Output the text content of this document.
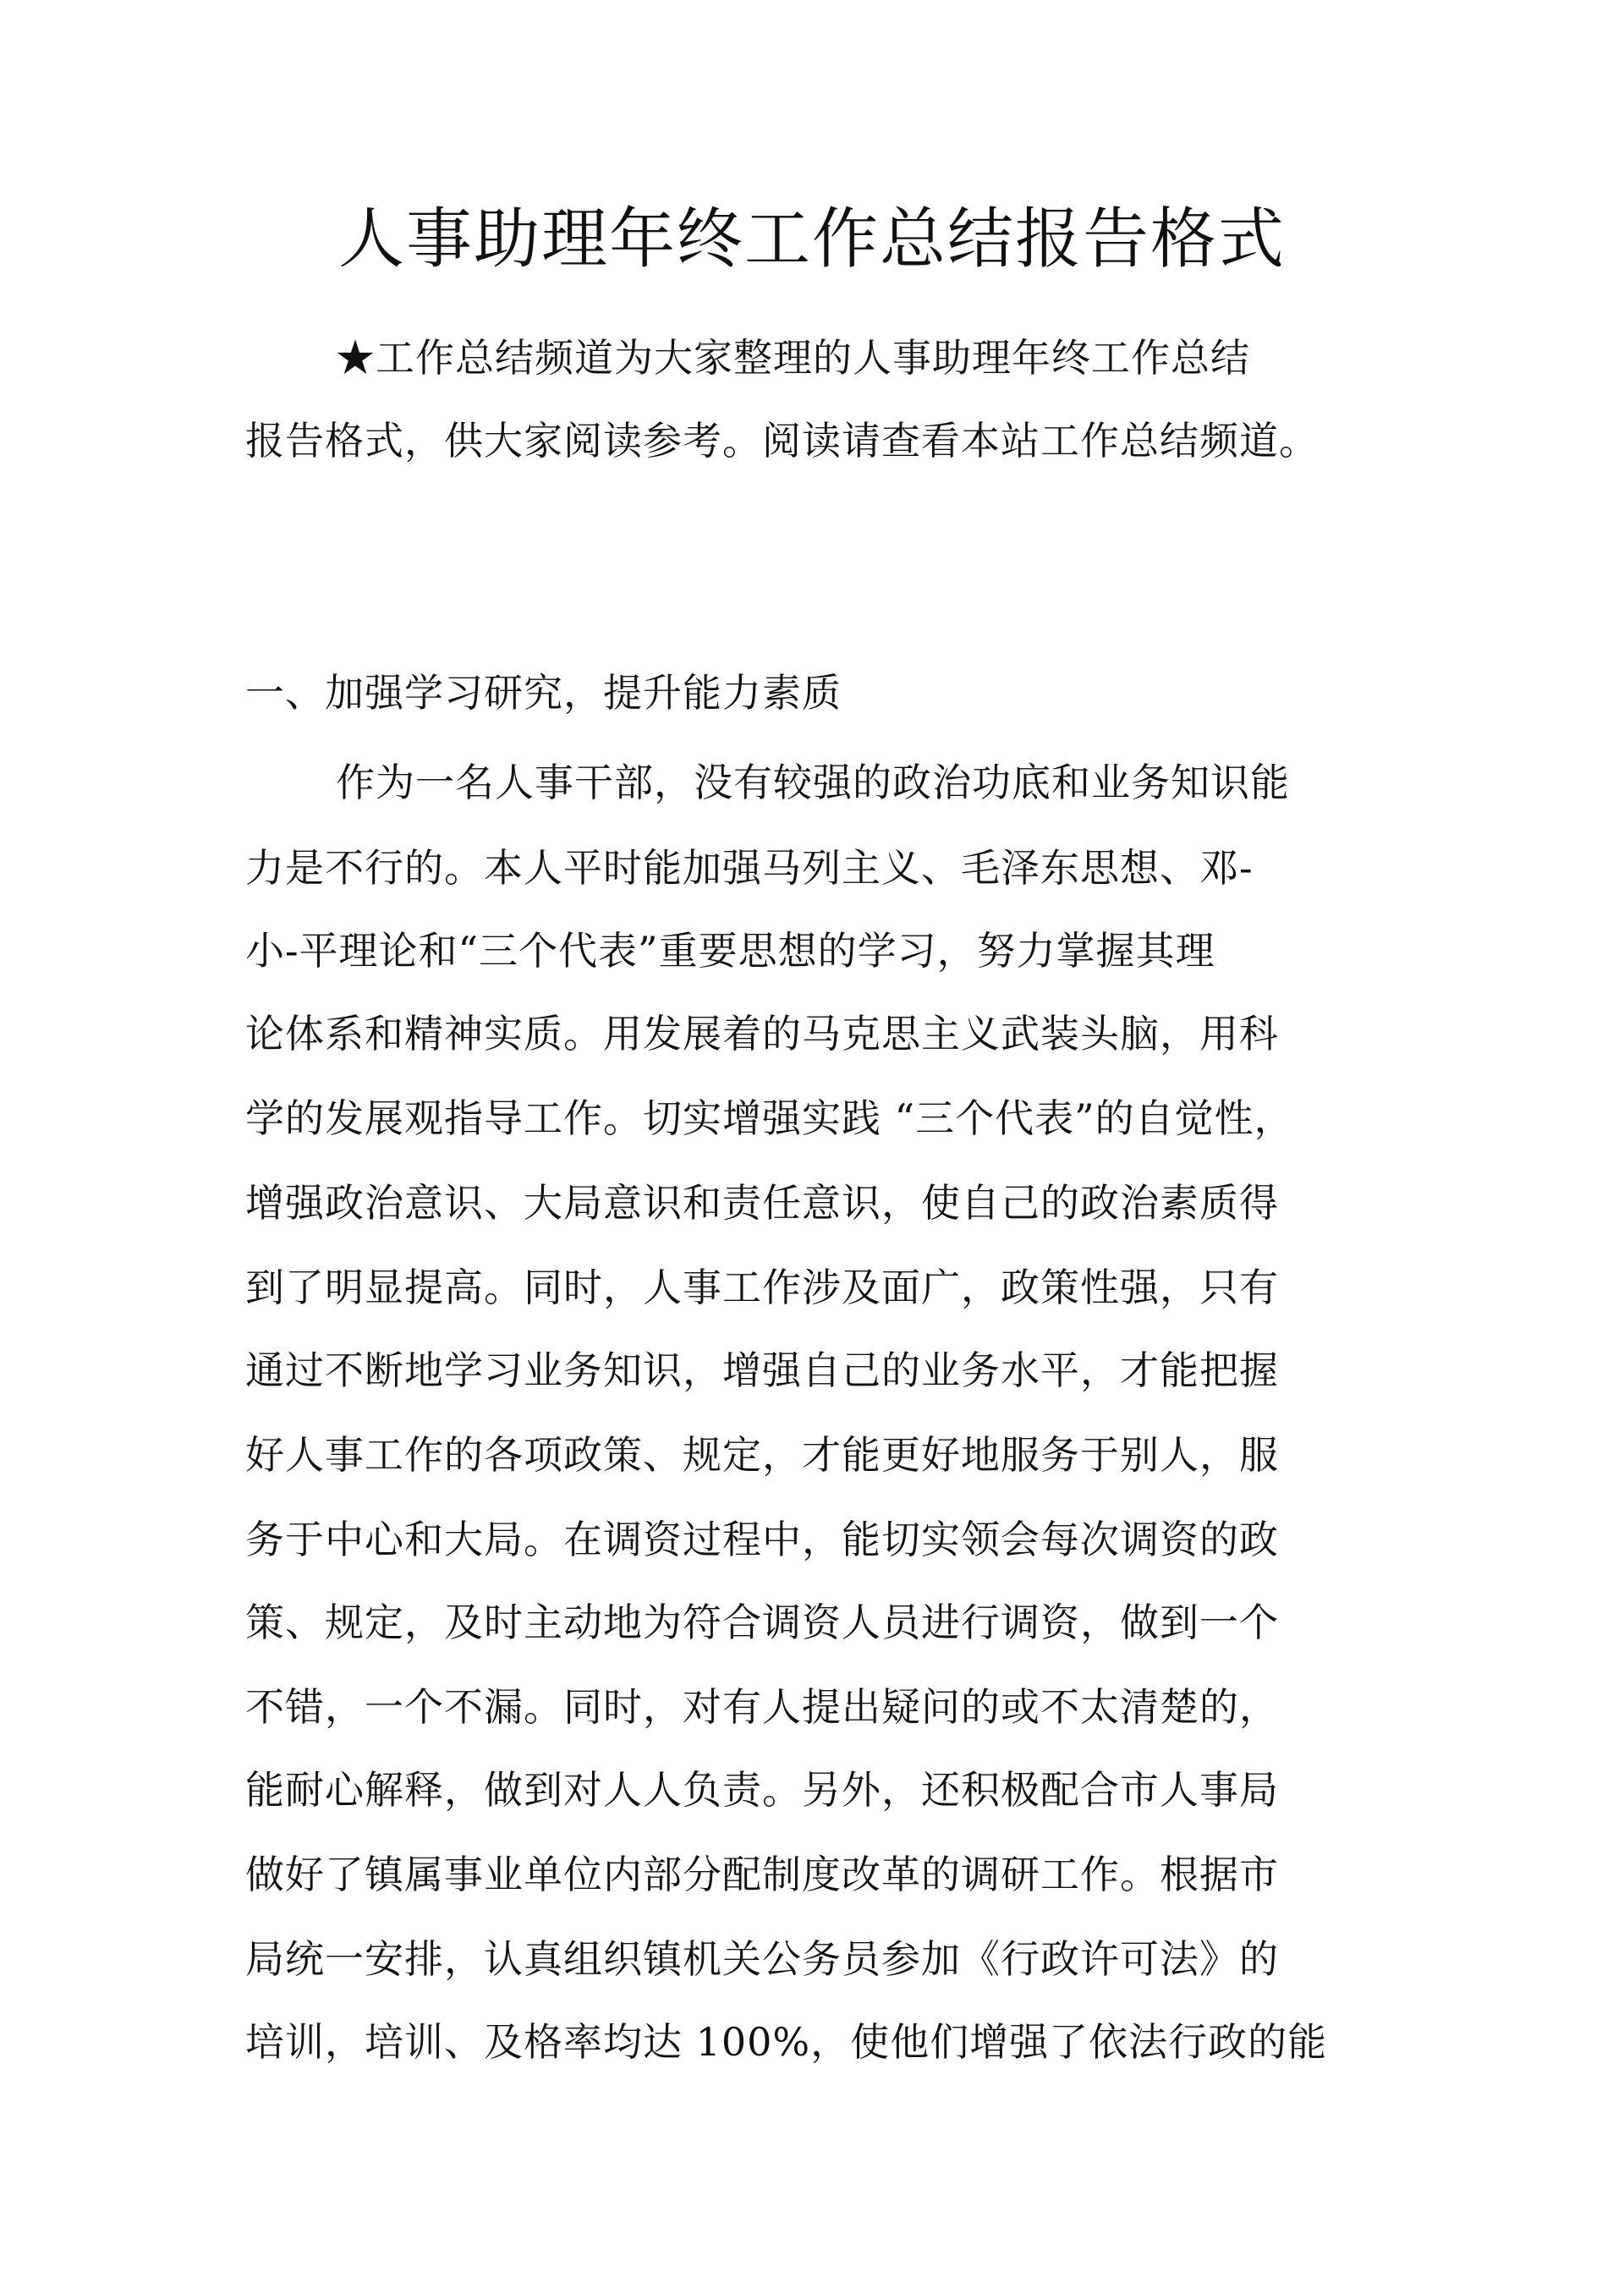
人事助理年终工作总结报告格式

★工作总结频道为大家整理的人事助理年终工作总结

报告格式，供大家阅读参考。阅读请查看本站工作总结频道。

一、加强学习研究，提升能力素质

作为一名人事干部，没有较强的政治功底和业务知识能

力是不行的。本人平时能加强马列主义、毛泽东思想、邓-

小-平理论和“三个代表”重要思想的学习，努力掌握其理

论体系和精神实质。用发展着的马克思主义武装头脑，用科

学的发展观指导工作。切实增强实践 “三个代表”的自觉性，

增强政治意识、大局意识和责任意识，使自己的政治素质得

到了明显提高。同时，人事工作涉及面广，政策性强，只有

通过不断地学习业务知识，增强自己的业务水平，才能把握

好人事工作的各项政策、规定，才能更好地服务于别人，服

务于中心和大局。在调资过程中，能切实领会每次调资的政

策、规定，及时主动地为符合调资人员进行调资，做到一个

不错，一个不漏。同时，对有人提出疑问的或不太清楚的，

能耐心解释，做到对人人负责。另外，还积极配合市人事局

做好了镇属事业单位内部分配制度改革的调研工作。根据市

局统一安排，认真组织镇机关公务员参加《行政许可法》的

培训，培训、及格率均达 100%，使他们增强了依法行政的能
